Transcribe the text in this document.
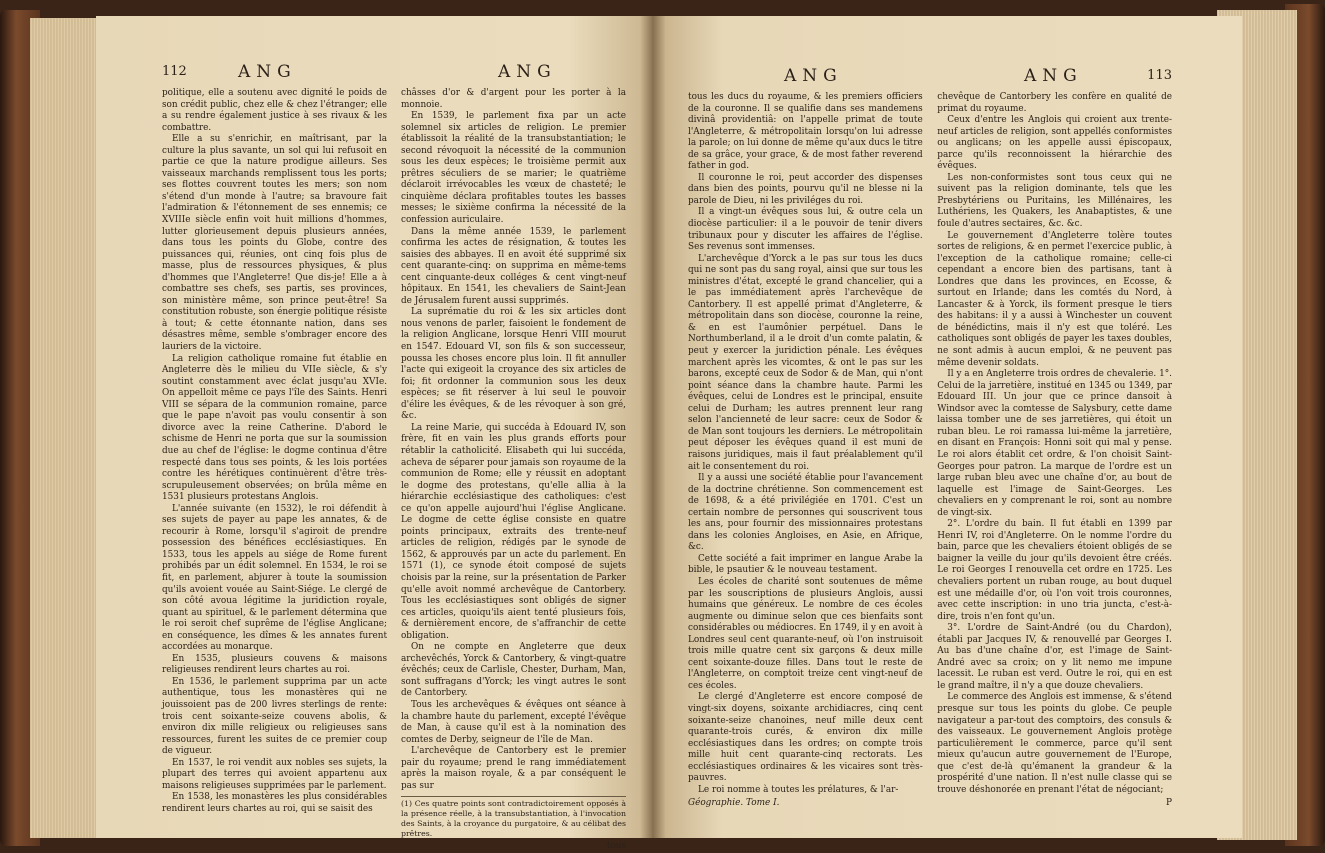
112	ANG	ANG

politique, elle a soutenu avec dignité le poids de son crédit public, chez elle & chez l'étranger; elle a su rendre également justice à ses rivaux & les combattre.

Elle a su s'enrichir, en maîtrisant, par la culture la plus savante, un sol qui lui refusoit en partie ce que la nature prodigue ailleurs. Ses vaisseaux marchands remplissent tous les ports; ses flottes couvrent toutes les mers; son nom s'étend d'un monde à l'autre; sa bravoure fait l'admiration & l'étonnement de ses ennemis; ce XVIIIe siècle enfin voit huit millions d'hommes, lutter glorieusement depuis plusieurs années, dans tous les points du Globe, contre des puissances qui, réunies, ont cinq fois plus de masse, plus de ressources physiques, & plus d'hommes que l'Angleterre! Que dis-je! Elle a à combattre ses chefs, ses partis, ses provinces, son ministère même, son prince peut-être! Sa constitution robuste, son énergie politique résiste à tout; & cette étonnante nation, dans ses désastres même, semble s'ombrager encore des lauriers de la victoire.

La religion catholique romaine fut établie en Angleterre dès le milieu du VIIe siècle, & s'y soutint constamment avec éclat jusqu'au XVIe. On appelloit même ce pays l'île des Saints. Henri VIII se sépara de la communion romaine, parce que le pape n'avoit pas voulu consentir à son divorce avec la reine Catherine. D'abord le schisme de Henri ne porta que sur la soumission due au chef de l'église: le dogme continua d'être respecté dans tous ses points, & les lois portées contre les hérétiques continuèrent d'être très-scrupuleusement observées; on brûla même en 1531 plusieurs protestans Anglois.

L'année suivante (en 1532), le roi défendit à ses sujets de payer au pape les annates, & de recourir à Rome, lorsqu'il s'agiroit de prendre possession des bénéfices ecclésiastiques. En 1533, tous les appels au siége de Rome furent prohibés par un édit solemnel. En 1534, le roi se fit, en parlement, abjurer à toute la soumission qu'ils avoient vouée au Saint-Siége. Le clergé de son côté avoua légitime la juridiction royale, quant au spirituel, & le parlement détermina que le roi seroit chef suprême de l'église Anglicane; en conséquence, les dîmes & les annates furent accordées au monarque.

En 1535, plusieurs couvens & maisons religieuses rendirent leurs chartes au roi.

En 1536, le parlement supprima par un acte authentique, tous les monastères qui ne jouissoient pas de 200 livres sterlings de rente: trois cent soixante-seize couvens abolis, & environ dix mille religieux ou religieuses sans ressources, furent les suites de ce premier coup de vigueur.

En 1537, le roi vendit aux nobles ses sujets, la plupart des terres qui avoient appartenu aux maisons religieuses supprimées par le parlement.

En 1538, les monastères les plus considérables rendirent leurs chartes au roi, qui se saisit des

châsses d'or & d'argent pour les porter à la monnoie.

En 1539, le parlement fixa par un acte solemnel six articles de religion. Le premier établissoit la réalité de la transubstantiation; le second révoquoit la nécessité de la communion sous les deux espèces; le troisième permit aux prêtres séculiers de se marier; le quatrième déclaroit irrévocables les vœux de chasteté; le cinquième déclara profitables toutes les basses messes; le sixième confirma la nécessité de la confession auriculaire.

Dans la même année 1539, le parlement confirma les actes de résignation, & toutes les saisies des abbayes. Il en avoit été supprimé six cent quarante-cinq: on supprima en même-tems cent cinquante-deux colléges & cent vingt-neuf hôpitaux. En 1541, les chevaliers de Saint-Jean de Jérusalem furent aussi supprimés.

La suprématie du roi & les six articles dont nous venons de parler, faisoient le fondement de la religion Anglicane, lorsque Henri VIII mourut en 1547. Edouard VI, son fils & son successeur, poussa les choses encore plus loin. Il fit annuller l'acte qui exigeoit la croyance des six articles de foi; fit ordonner la communion sous les deux espèces; se fit réserver à lui seul le pouvoir d'élire les évêques, & de les révoquer à son gré, &c.

La reine Marie, qui succéda à Edouard IV, son frère, fit en vain les plus grands efforts pour rétablir la catholicité. Elisabeth qui lui succéda, acheva de séparer pour jamais son royaume de la communion de Rome; elle y réussit en adoptant le dogme des protestans, qu'elle allia à la hiérarchie ecclésiastique des catholiques: c'est ce qu'on appelle aujourd'hui l'église Anglicane. Le dogme de cette église consiste en quatre points principaux, extraits des trente-neuf articles de religion, rédigés par le synode de 1562, & approuvés par un acte du parlement. En 1571 (1), ce synode étoit composé de sujets choisis par la reine, sur la présentation de Parker qu'elle avoit nommé archevêque de Cantorbery. Tous les ecclésiastiques sont obligés de signer ces articles, quoiqu'ils aient tenté plusieurs fois, & dernièrement encore, de s'affranchir de cette obligation.

On ne compte en Angleterre que deux archevêchés, Yorck & Cantorbery, & vingt-quatre évêchés; ceux de Carlisle, Chester, Durham, Man, sont suffragans d'Yorck; les vingt autres le sont de Cantorbery.

Tous les archevêques & évêques ont séance à la chambre haute du parlement, excepté l'évêque de Man, à cause qu'il est à la nomination des comtes de Derby, seigneur de l'île de Man.

L'archevêque de Cantorbery est le premier pair du royaume; prend le rang immédiatement après la maison royale, & a par conséquent le pas sur

(1) Ces quatre points sont contradictoirement opposés à la présence réelle, à la transubstantiation, à l'invocation des Saints, à la croyance du purgatoire, & au célibat des prêtres.
tous
ANG	ANG	113

tous les ducs du royaume, & les premiers officiers de la couronne. Il se qualifie dans ses mandemens divinâ providentiâ: on l'appelle primat de toute l'Angleterre, & métropolitain lorsqu'on lui adresse la parole; on lui donne de même qu'aux ducs le titre de sa grâce, your grace, & de most father reverend father in god.

Il couronne le roi, peut accorder des dispenses dans bien des points, pourvu qu'il ne blesse ni la parole de Dieu, ni les priviléges du roi.

Il a vingt-un évêques sous lui, & outre cela un diocèse particulier: il a le pouvoir de tenir divers tribunaux pour y discuter les affaires de l'église. Ses revenus sont immenses.

L'archevêque d'Yorck a le pas sur tous les ducs qui ne sont pas du sang royal, ainsi que sur tous les ministres d'état, excepté le grand chancelier, qui a le pas immédiatement après l'archevêque de Cantorbery. Il est appellé primat d'Angleterre, & métropolitain dans son diocèse, couronne la reine, & en est l'aumônier perpétuel. Dans le Northumberland, il a le droit d'un comte palatin, & peut y exercer la juridiction pénale. Les évêques marchent après les vicomtes, & ont le pas sur les barons, excepté ceux de Sodor & de Man, qui n'ont point séance dans la chambre haute. Parmi les évêques, celui de Londres est le principal, ensuite celui de Durham; les autres prennent leur rang selon l'ancienneté de leur sacre: ceux de Sodor & de Man sont toujours les derniers. Le métropolitain peut déposer les évêques quand il est muni de raisons juridiques, mais il faut préalablement qu'il ait le consentement du roi.

Il y a aussi une société établie pour l'avancement de la doctrine chrétienne. Son commencement est de 1698, & a été privilégiée en 1701. C'est un certain nombre de personnes qui souscrivent tous les ans, pour fournir des missionnaires protestans dans les colonies Angloises, en Asie, en Afrique, &c.

Cette société a fait imprimer en langue Arabe la bible, le psautier & le nouveau testament.

Les écoles de charité sont soutenues de même par les souscriptions de plusieurs Anglois, aussi humains que généreux. Le nombre de ces écoles augmente ou diminue selon que ces bienfaits sont considérables ou médiocres. En 1749, il y en avoit à Londres seul cent quarante-neuf, où l'on instruisoit trois mille quatre cent six garçons & deux mille cent soixante-douze filles. Dans tout le reste de l'Angleterre, on comptoit treize cent vingt-neuf de ces écoles.

Le clergé d'Angleterre est encore composé de vingt-six doyens, soixante archidiacres, cinq cent soixante-seize chanoines, neuf mille deux cent quarante-trois curés, & environ dix mille ecclésiastiques dans les ordres; on compte trois mille huit cent quarante-cinq rectorats. Les ecclésiastiques ordinaires & les vicaires sont très-pauvres.

Le roi nomme à toutes les prélatures, & l'ar-

Géographie. Tome I.

chevêque de Cantorbery les confère en qualité de primat du royaume.

Ceux d'entre les Anglois qui croient aux trente-neuf articles de religion, sont appellés conformistes ou anglicans; on les appelle aussi épiscopaux, parce qu'ils reconnoissent la hiérarchie des évêques.

Les non-conformistes sont tous ceux qui ne suivent pas la religion dominante, tels que les Presbytériens ou Puritains, les Millénaires, les Luthériens, les Quakers, les Anabaptistes, & une foule d'autres sectaires, &c. &c.

Le gouvernement d'Angleterre tolère toutes sortes de religions, & en permet l'exercice public, à l'exception de la catholique romaine; celle-ci cependant a encore bien des partisans, tant à Londres que dans les provinces, en Ecosse, & surtout en Irlande; dans les comtés du Nord, à Lancaster & à Yorck, ils forment presque le tiers des habitans: il y a aussi à Winchester un couvent de bénédictins, mais il n'y est que toléré. Les catholiques sont obligés de payer les taxes doubles, ne sont admis à aucun emploi, & ne peuvent pas même devenir soldats.

Il y a en Angleterre trois ordres de chevalerie. 1°. Celui de la jarretière, institué en 1345 ou 1349, par Edouard III. Un jour que ce prince dansoit à Windsor avec la comtesse de Salysbury, cette dame laissa tomber une de ses jarretières, qui étoit un ruban bleu. Le roi ramassa lui-même la jarretière, en disant en François: Honni soit qui mal y pense. Le roi alors établit cet ordre, & l'on choisit Saint-Georges pour patron. La marque de l'ordre est un large ruban bleu avec une chaîne d'or, au bout de laquelle est l'image de Saint-Georges. Les chevaliers en y comprenant le roi, sont au nombre de vingt-six.

2°. L'ordre du bain. Il fut établi en 1399 par Henri IV, roi d'Angleterre. On le nomme l'ordre du bain, parce que les chevaliers étoient obligés de se baigner la veille du jour qu'ils devoient être créés. Le roi Georges I renouvella cet ordre en 1725. Les chevaliers portent un ruban rouge, au bout duquel est une médaille d'or, où l'on voit trois couronnes, avec cette inscription: in uno tria juncta, c'est-à-dire, trois n'en font qu'un.

3°. L'ordre de Saint-André (ou du Chardon), établi par Jacques IV, & renouvellé par Georges I. Au bas d'une chaîne d'or, est l'image de Saint-André avec sa croix; on y lit nemo me impune lacessit. Le ruban est verd. Outre le roi, qui en est le grand maître, il n'y a que douze chevaliers.

Le commerce des Anglois est immense, & s'étend presque sur tous les points du globe. Ce peuple navigateur a par-tout des comptoirs, des consuls & des vaisseaux. Le gouvernement Anglois protège particulièrement le commerce, parce qu'il sent mieux qu'aucun autre gouvernement de l'Europe, que c'est de-là qu'émanent la grandeur & la prospérité d'une nation. Il n'est nulle classe qui se trouve déshonorée en prenant l'état de négociant;

P
